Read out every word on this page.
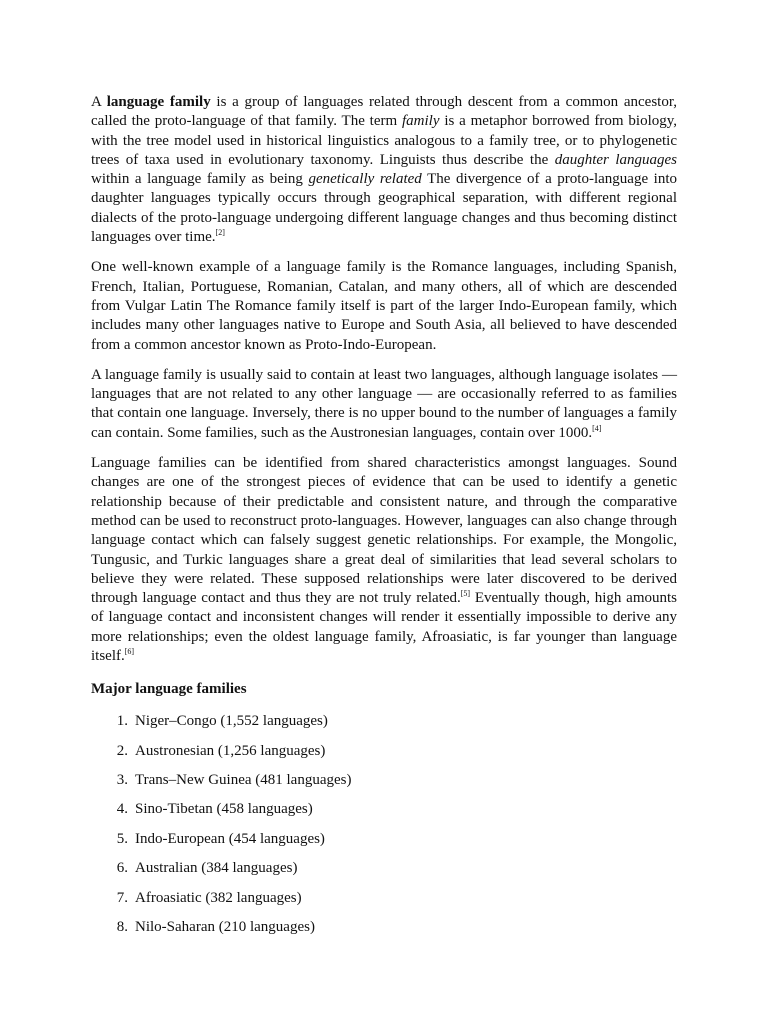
A language family is a group of languages related through descent from a common ancestor, called the proto-language of that family. The term family is a metaphor borrowed from biology, with the tree model used in historical linguistics analogous to a family tree, or to phylogenetic trees of taxa used in evolutionary taxonomy. Linguists thus describe the daughter languages within a language family as being genetically related The divergence of a proto-language into daughter languages typically occurs through geographical separation, with different regional dialects of the proto-language undergoing different language changes and thus becoming distinct languages over time.[2]

One well-known example of a language family is the Romance languages, including Spanish, French, Italian, Portuguese, Romanian, Catalan, and many others, all of which are descended from Vulgar Latin The Romance family itself is part of the larger Indo-European family, which includes many other languages native to Europe and South Asia, all believed to have descended from a common ancestor known as Proto-Indo-European.

A language family is usually said to contain at least two languages, although language isolates — languages that are not related to any other language — are occasionally referred to as families that contain one language. Inversely, there is no upper bound to the number of languages a family can contain. Some families, such as the Austronesian languages, contain over 1000.[4]

Language families can be identified from shared characteristics amongst languages. Sound changes are one of the strongest pieces of evidence that can be used to identify a genetic relationship because of their predictable and consistent nature, and through the comparative method can be used to reconstruct proto-languages. However, languages can also change through language contact which can falsely suggest genetic relationships. For example, the Mongolic, Tungusic, and Turkic languages share a great deal of similarities that lead several scholars to believe they were related. These supposed relationships were later discovered to be derived through language contact and thus they are not truly related.[5] Eventually though, high amounts of language contact and inconsistent changes will render it essentially impossible to derive any more relationships; even the oldest language family, Afroasiatic, is far younger than language itself.[6]

Major language families
1. Niger–Congo (1,552 languages)
2. Austronesian (1,256 languages)
3. Trans–New Guinea (481 languages)
4. Sino-Tibetan (458 languages)
5. Indo-European (454 languages)
6. Australian (384 languages)
7. Afroasiatic (382 languages)
8. Nilo-Saharan (210 languages)
